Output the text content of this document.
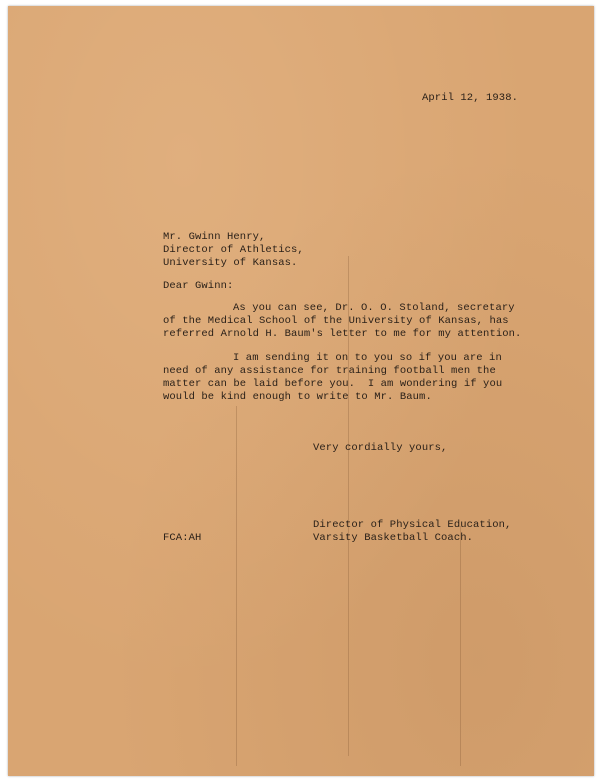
April 12, 1938.
Mr. Gwinn Henry,
Director of Athletics,
University of Kansas.
Dear Gwinn:
As you can see, Dr. O. O. Stoland, secretary
of the Medical School of the University of Kansas, has
referred Arnold H. Baum's letter to me for my attention.
I am sending it on to you so if you are in
need of any assistance for training football men the
matter can be laid before you.  I am wondering if you
would be kind enough to write to Mr. Baum.
Very cordially yours,
FCA:AH
Director of Physical Education,
Varsity Basketball Coach.
